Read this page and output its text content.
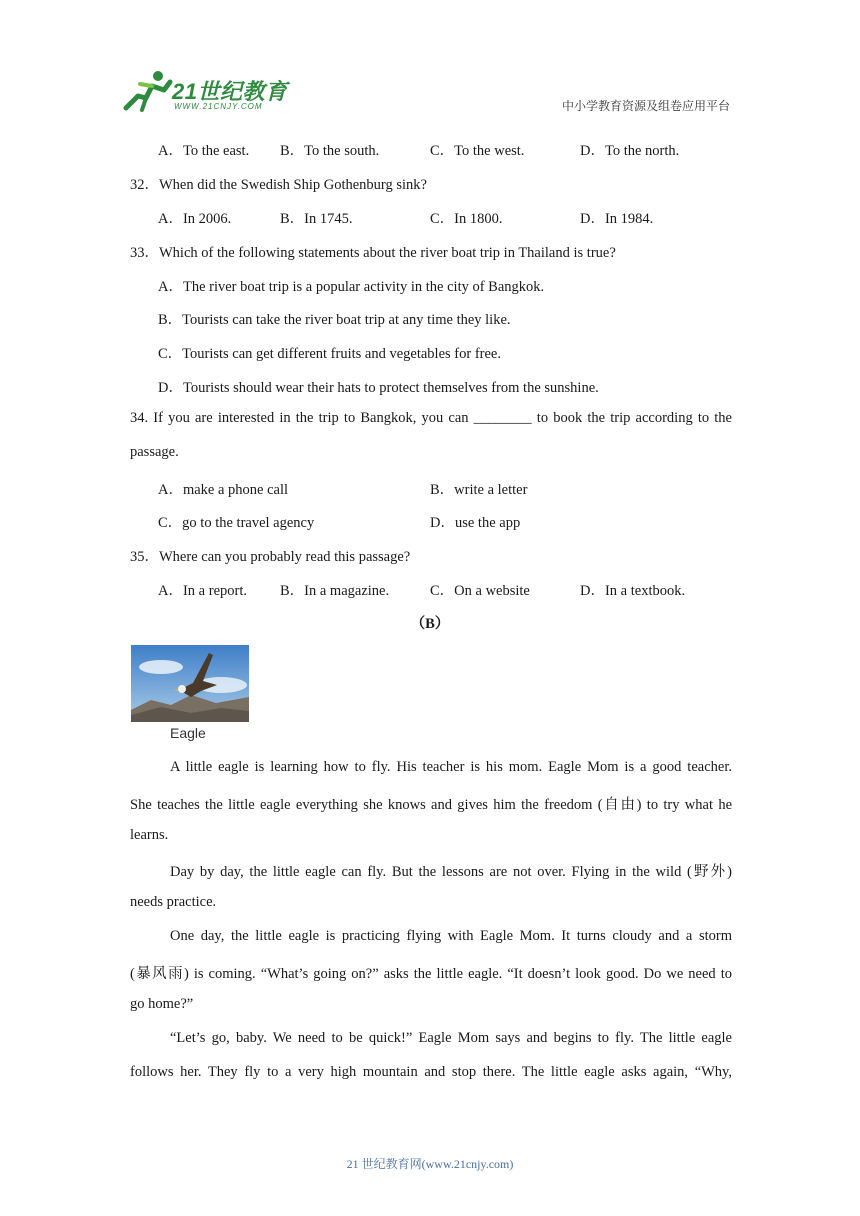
21世纪教育
WWW.21CNJY.COM	中小学教育资源及组卷应用平台
A．To the east. B．To the south.	C．To the west.	D．To the north.
32．When did the Swedish Ship Gothenburg sink?
A．In 2006.	B．In 1745.	C．In 1800.	D．In 1984.
33．Which of the following statements about the river boat trip in Thailand is true?
A．The river boat trip is a popular activity in the city of Bangkok.
B．Tourists can take the river boat trip at any time they like.
C．Tourists can get different fruits and vegetables for free.
D．Tourists should wear their hats to protect themselves from the sunshine.
34. If you are interested in the trip to Bangkok, you can ________ to book the trip according to the
passage.
A．make a phone call	B．write a letter
C．go to the travel agency	D．use the app
35．Where can you probably read this passage?
A．In a report. B．In a magazine.	C．On a website	D．In a textbook.
（B）
Eagle
A little eagle is learning how to fly. His teacher is his mom. Eagle Mom is a good teacher.
She teaches the little eagle everything she knows and gives him the freedom (自由) to try what he
learns.
Day by day, the little eagle can fly. But the lessons are not over. Flying in the wild (野外)
needs practice.
One day, the little eagle is practicing flying with Eagle Mom. It turns cloudy and a storm
(暴风雨) is coming. “What’s going on?” asks the little eagle. “It doesn’t look good. Do we need to
go home?”
“Let’s go, baby. We need to be quick!” Eagle Mom says and begins to fly. The little eagle
follows her. They fly to a very high mountain and stop there. The little eagle asks again, “Why,
21 世纪教育网(www.21cnjy.com)
